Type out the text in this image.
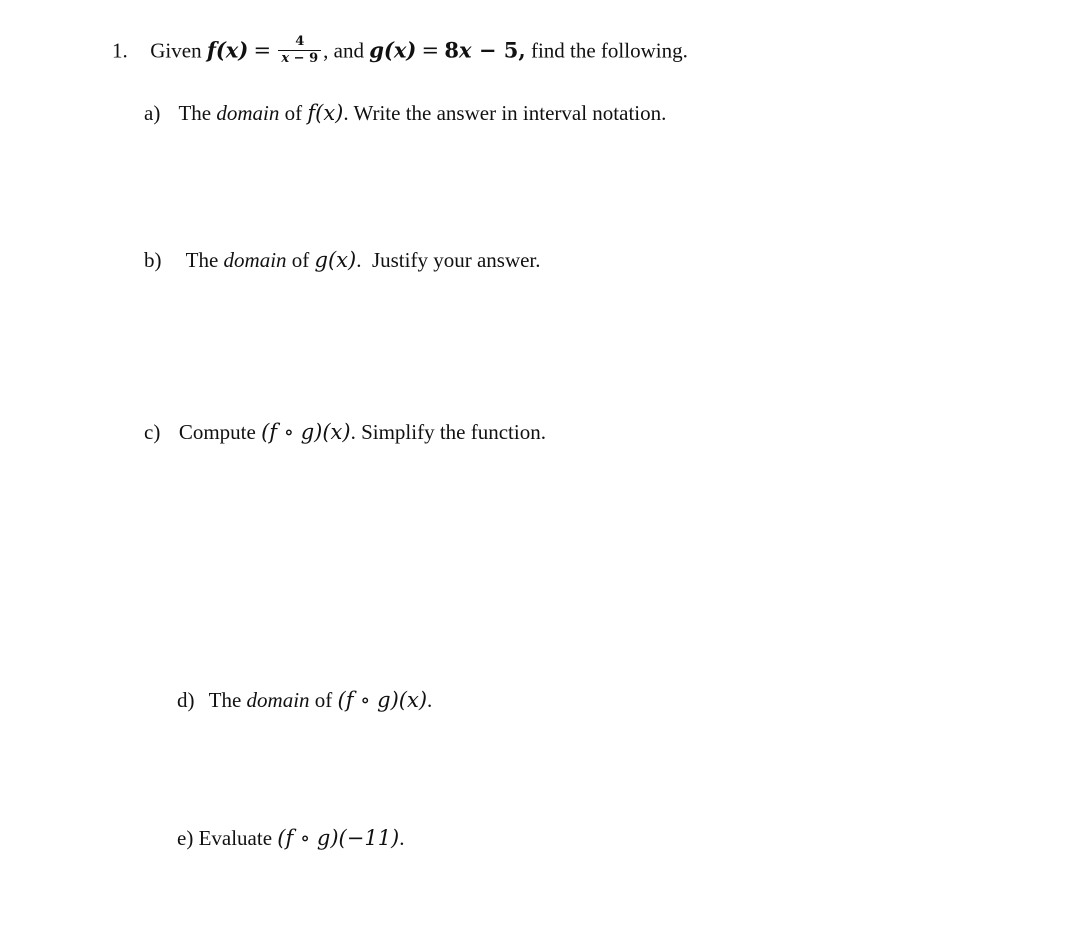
1. Given $f(x) = \frac{4}{x - 9}$ , and g(x) = 8x − 5, find the following.
a) The domain of f(x). Write the answer in interval notation.
b) The domain of g(x).  Justify your answer.
c) Compute (f ∘ g)(x). Simplify the function.
d) The domain of (f ∘ g)(x).
e) Evaluate (f ∘ g)(−11).
